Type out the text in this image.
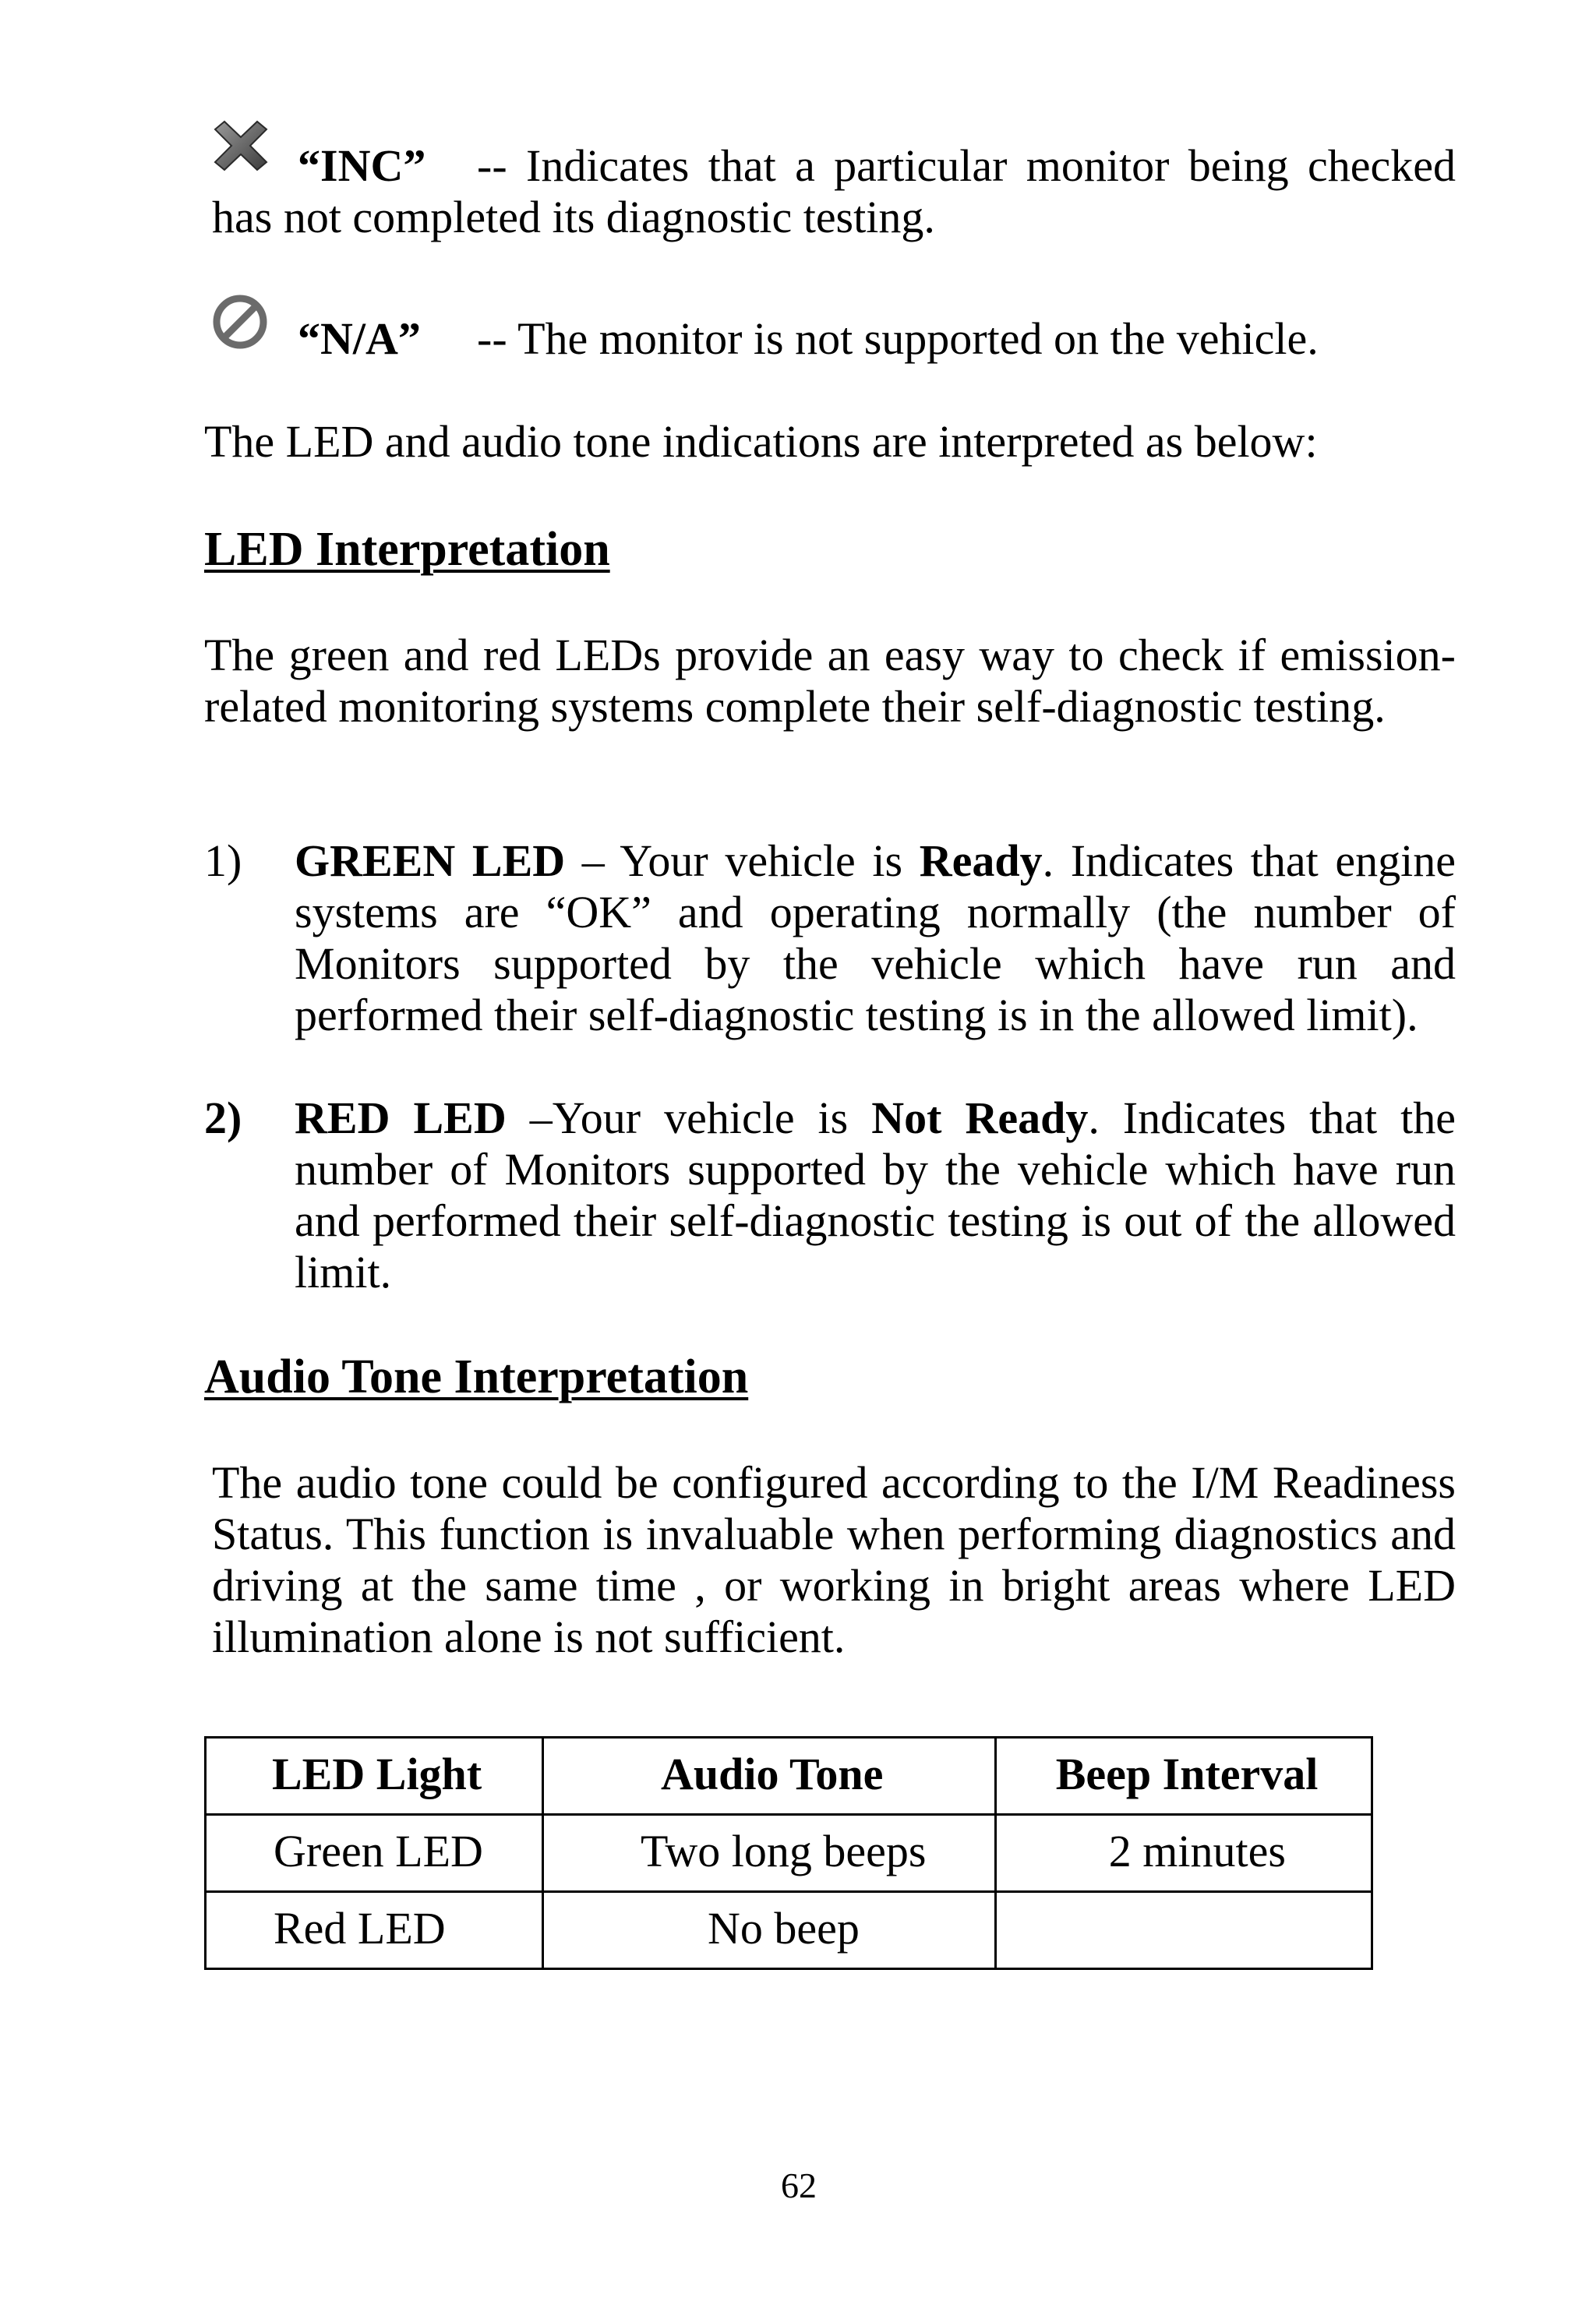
“INC” -- Indicates that a particular monitor being checked
has not completed its diagnostic testing.
“N/A” -- The monitor is not supported on the vehicle.

The LED and audio tone indications are interpreted as below:

LED Interpretation

The green and red LEDs provide an easy way to check if emission-related monitoring systems complete their self-diagnostic testing.

1) GREEN LED – Your vehicle is Ready. Indicates that engine systems are “OK” and operating normally (the number of Monitors supported by the vehicle which have run and performed their self-diagnostic testing is in the allowed limit).

2) RED LED –Your vehicle is Not Ready. Indicates that the number of Monitors supported by the vehicle which have run and performed their self-diagnostic testing is out of the allowed limit.

Audio Tone Interpretation

The audio tone could be configured according to the I/M Readiness Status. This function is invaluable when performing diagnostics and driving at the same time , or working in bright areas where LED illumination alone is not sufficient.

LED Light	Audio Tone	Beep Interval
Green LED	Two long beeps	2 minutes
Red LED	No beep	
62
